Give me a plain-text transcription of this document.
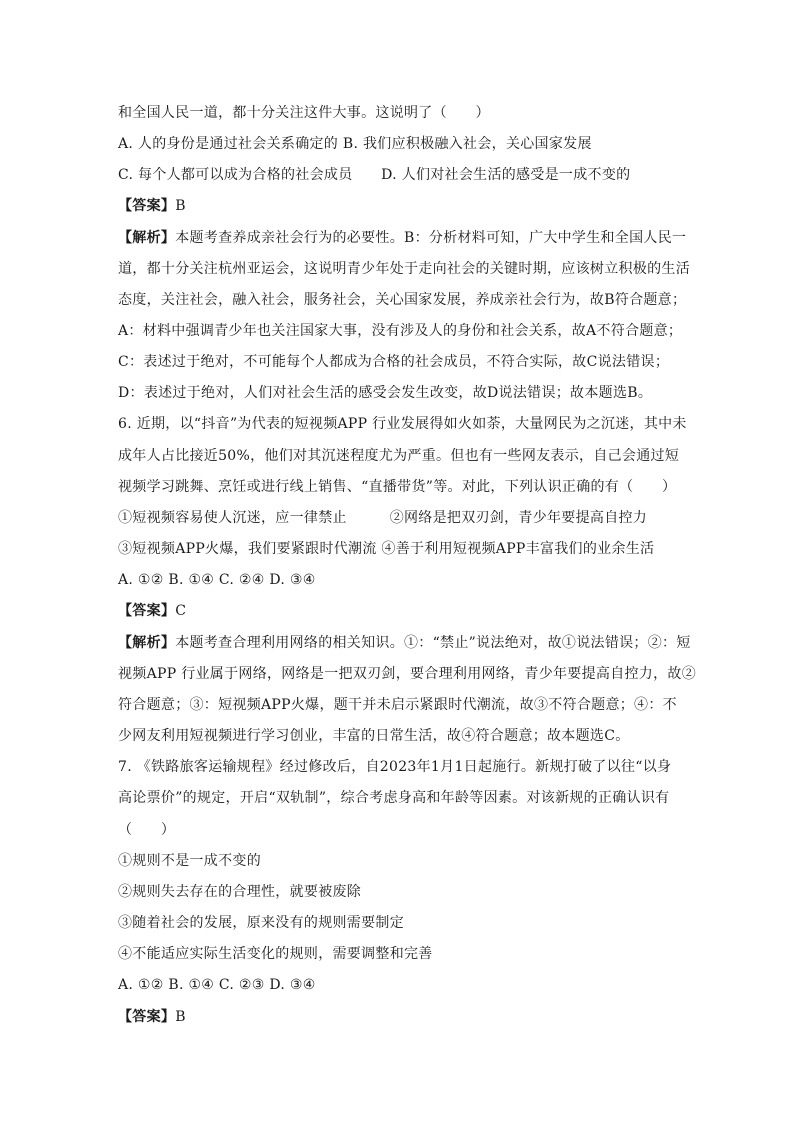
和全国人民一道，都十分关注这件大事。这说明了（　　）
A. 人的身份是通过社会关系确定的 B. 我们应积极融入社会，关心国家发展
C. 每个人都可以成为合格的社会成员　　D. 人们对社会生活的感受是一成不变的
【答案】B
【解析】本题考查养成亲社会行为的必要性。B：分析材料可知，广大中学生和全国人民一
道，都十分关注杭州亚运会，这说明青少年处于走向社会的关键时期，应该树立积极的生活
态度，关注社会，融入社会，服务社会，关心国家发展，养成亲社会行为，故B符合题意；
A：材料中强调青少年也关注国家大事，没有涉及人的身份和社会关系，故A不符合题意；
C：表述过于绝对，不可能每个人都成为合格的社会成员，不符合实际，故C说法错误；
D：表述过于绝对，人们对社会生活的感受会发生改变，故D说法错误；故本题选B。
6. 近期，以“抖音”为代表的短视频APP 行业发展得如火如荼，大量网民为之沉迷，其中未
成年人占比接近50%，他们对其沉迷程度尤为严重。但也有一些网友表示，自己会通过短
视频学习跳舞、烹饪或进行线上销售、“直播带货”等。对此，下列认识正确的有（　　）
①短视频容易使人沉迷，应一律禁止　　　②网络是把双刃剑，青少年要提高自控力
③短视频APP火爆，我们要紧跟时代潮流 ④善于利用短视频APP丰富我们的业余生活
A. ①② B. ①④ C. ②④ D. ③④
【答案】C
【解析】本题考查合理利用网络的相关知识。①：“禁止”说法绝对，故①说法错误；②：短
视频APP 行业属于网络，网络是一把双刃剑，要合理利用网络，青少年要提高自控力，故②
符合题意；③：短视频APP火爆，题干并未启示紧跟时代潮流，故③不符合题意；④：不
少网友利用短视频进行学习创业，丰富的日常生活，故④符合题意；故本题选C。
7. 《铁路旅客运输规程》经过修改后，自2023年1月1日起施行。新规打破了以往“以身
高论票价”的规定，开启“双轨制”，综合考虑身高和年龄等因素。对该新规的正确认识有
（　　）
①规则不是一成不变的
②规则失去存在的合理性，就要被废除
③随着社会的发展，原来没有的规则需要制定
④不能适应实际生活变化的规则，需要调整和完善
A. ①② B. ①④ C. ②③ D. ③④
【答案】B
